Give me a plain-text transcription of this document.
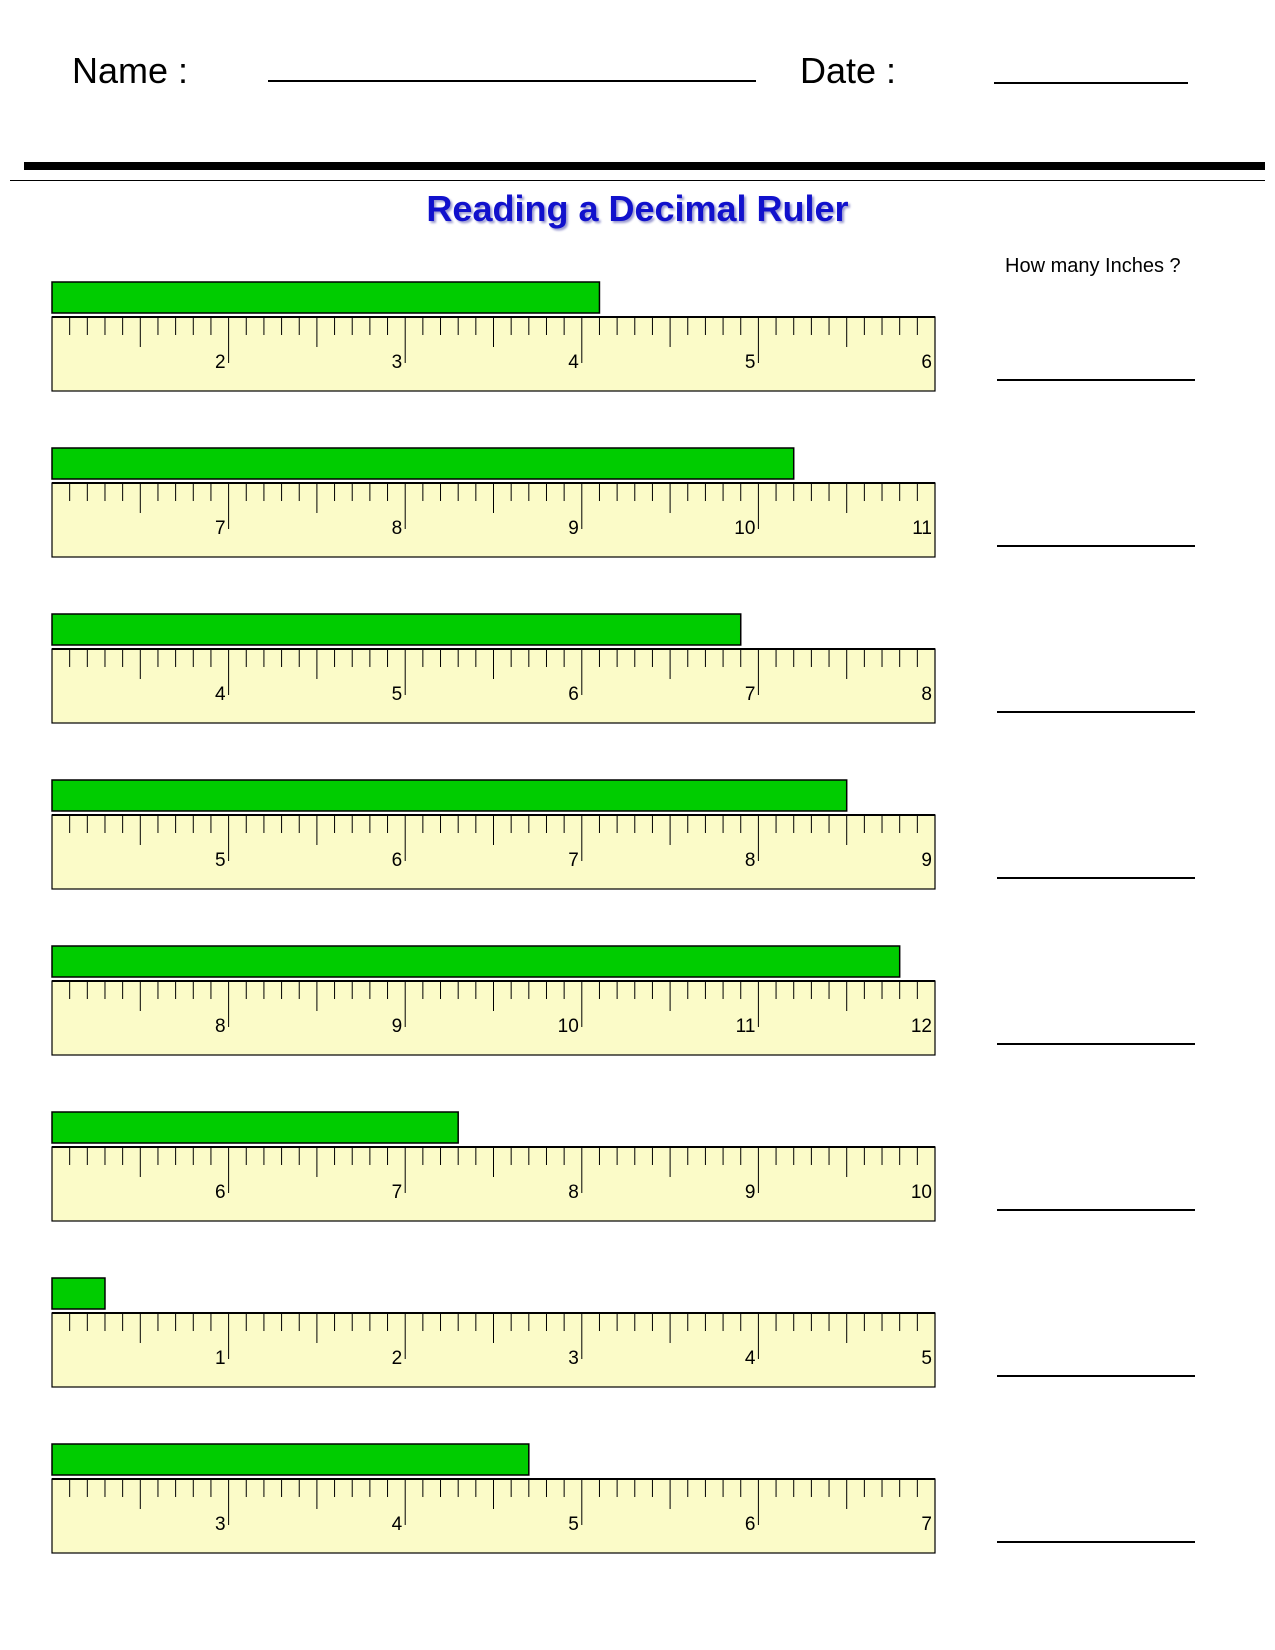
Name :	Date :
Reading a Decimal Ruler
How many Inches ?
2	3	4	5	6
7	8	9	10	11
4	5	6	7	8
5	6	7	8	9
8	9	10	11	12
6	7	8	9	10
1	2	3	4	5
3	4	5	6	7
